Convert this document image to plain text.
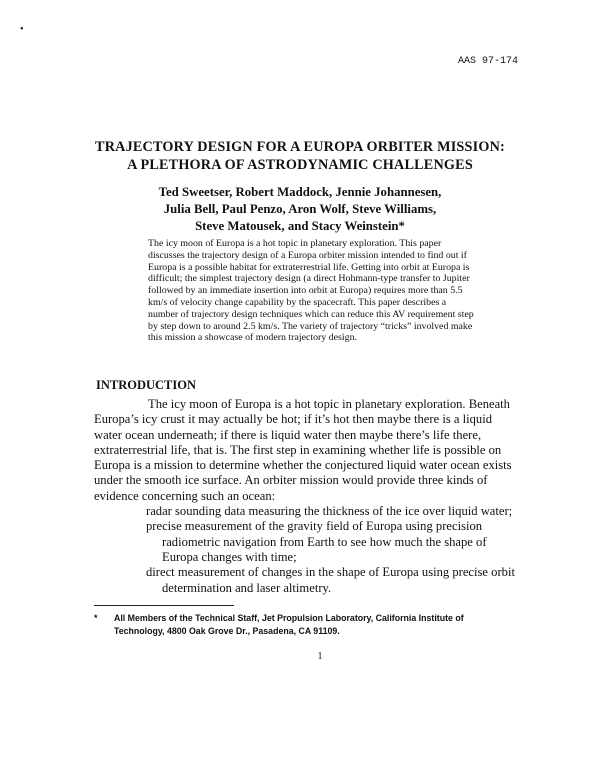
•
AAS 97-174
TRAJECTORY DESIGN FOR A EUROPA ORBITER MISSION:
A PLETHORA OF ASTRODYNAMIC CHALLENGES
Ted Sweetser, Robert Maddock, Jennie Johannesen,
Julia Bell, Paul Penzo, Aron Wolf, Steve Williams,
Steve Matousek, and Stacy Weinstein*
The icy moon of Europa is a hot topic in planetary exploration. This paper discusses the trajectory design of a Europa orbiter mission intended to find out if Europa is a possible habitat for extraterrestrial life. Getting into orbit at Europa is difficult; the simplest trajectory design (a direct Hohmann-type transfer to Jupiter followed by an immediate insertion into orbit at Europa) requires more than 5.5 km/s of velocity change capability by the spacecraft. This paper describes a number of trajectory design techniques which can reduce this AV requirement step by step down to around 2.5 km/s. The variety of trajectory “tricks” involved make this mission a showcase of modern trajectory design.
INTRODUCTION

The icy moon of Europa is a hot topic in planetary exploration. Beneath Europa’s icy crust it may actually be hot; if it’s hot then maybe there is a liquid water ocean underneath; if there is liquid water then maybe there’s life there, extraterrestrial life, that is. The first step in examining whether life is possible on Europa is a mission to determine whether the conjectured liquid water ocean exists under the smooth ice surface. An orbiter mission would provide three kinds of evidence concerning such an ocean:

radar sounding data measuring the thickness of the ice over liquid water;
precise measurement of the gravity field of Europa using precision radiometric navigation from Earth to see how much the shape of Europa changes with time;
direct measurement of changes in the shape of Europa using precise orbit determination and laser altimetry.
*	All Members of the Technical Staff, Jet Propulsion Laboratory, California Institute of Technology, 4800 Oak Grove Dr., Pasadena, CA 91109.
1
